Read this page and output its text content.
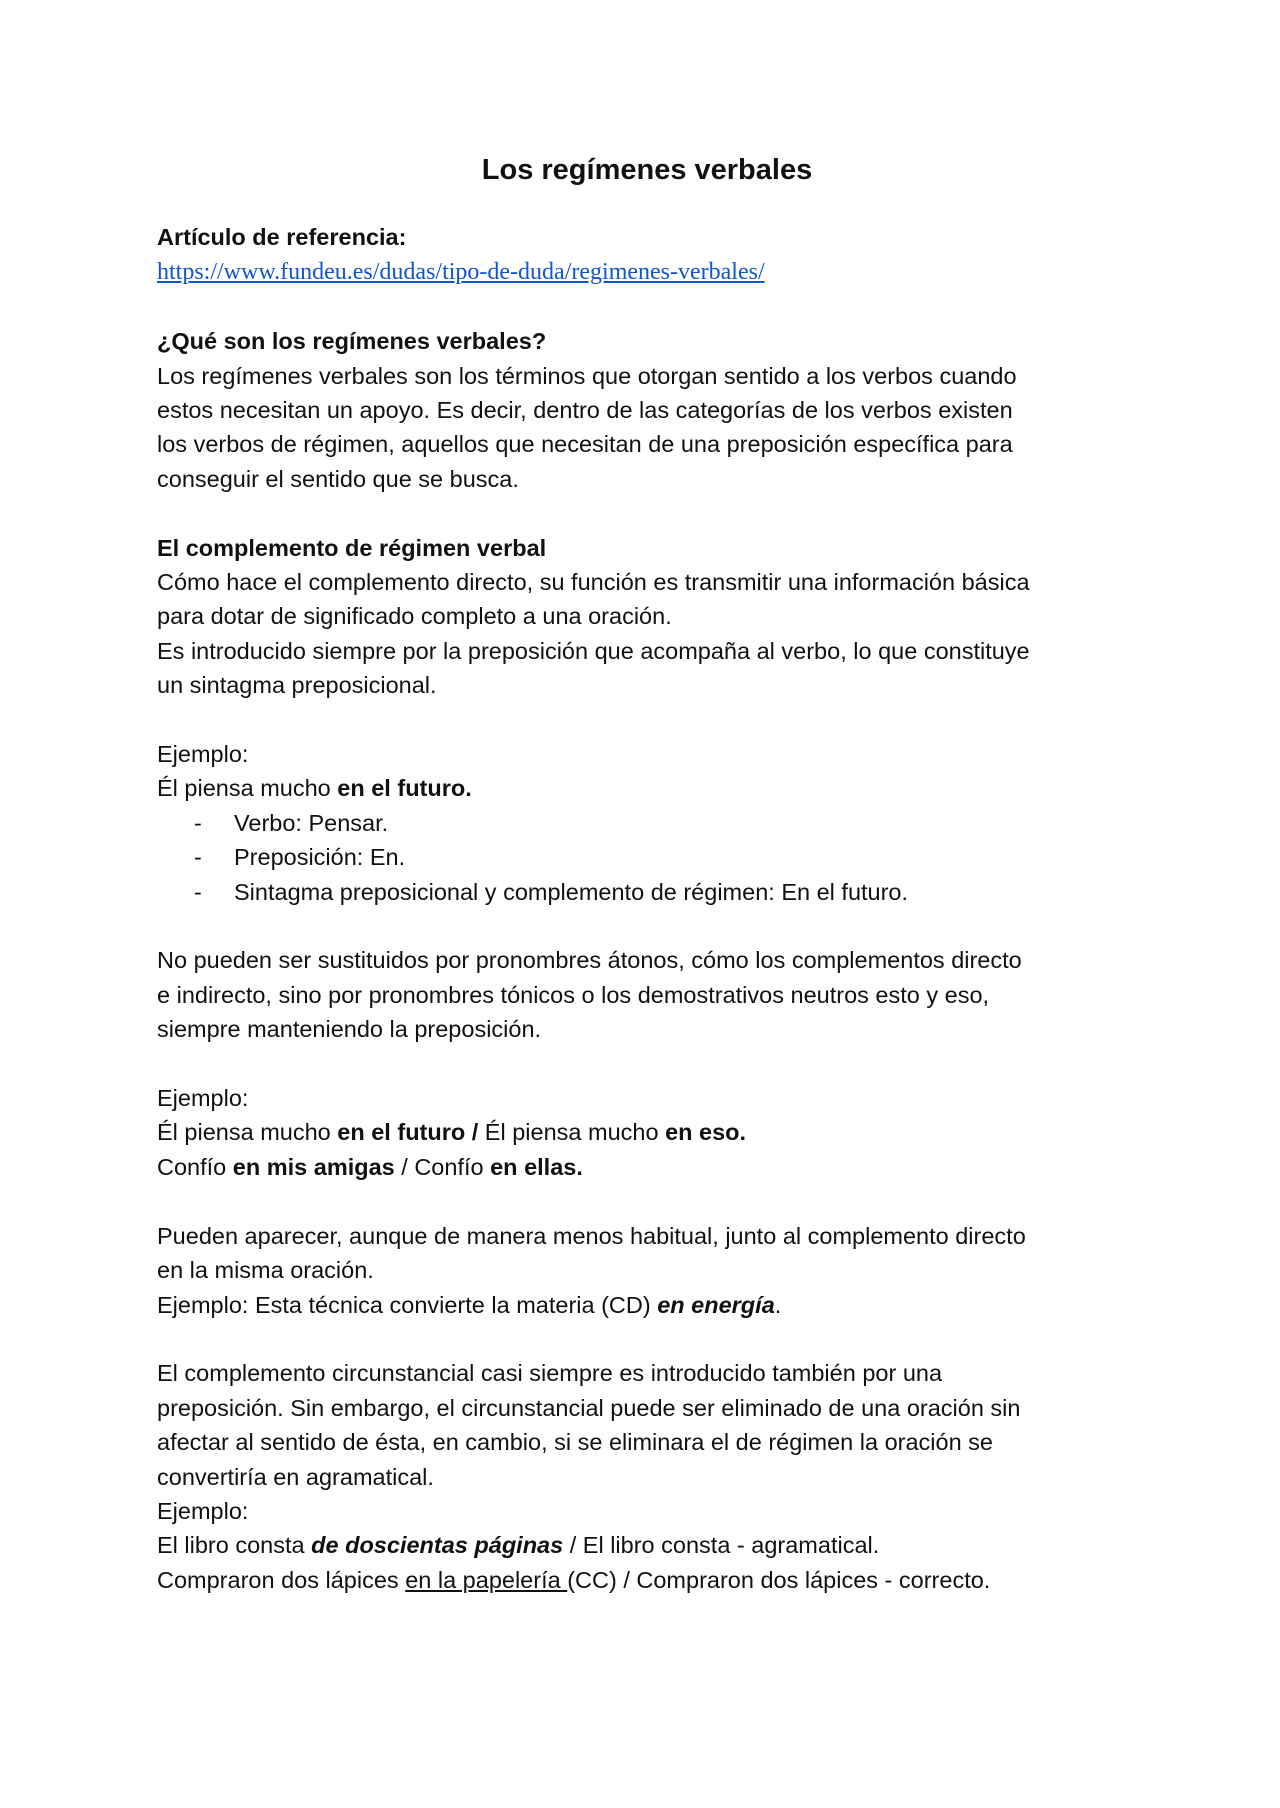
Los regímenes verbales

Artículo de referencia:

https://www.fundeu.es/dudas/tipo-de-duda/regimenes-verbales/

¿Qué son los regímenes verbales?

Los regímenes verbales son los términos que otorgan sentido a los verbos cuando

estos necesitan un apoyo. Es decir, dentro de las categorías de los verbos existen

los verbos de régimen, aquellos que necesitan de una preposición específica para

conseguir el sentido que se busca.

El complemento de régimen verbal

Cómo hace el complemento directo, su función es transmitir una información básica

para dotar de significado completo a una oración.

Es introducido siempre por la preposición que acompaña al verbo, lo que constituye

un sintagma preposicional.

Ejemplo:

Él piensa mucho en el futuro.

- Verbo: Pensar.
- Preposición: En.
- Sintagma preposicional y complemento de régimen: En el futuro.

No pueden ser sustituidos por pronombres átonos, cómo los complementos directo

e indirecto, sino por pronombres tónicos o los demostrativos neutros esto y eso,

siempre manteniendo la preposición.

Ejemplo:

Él piensa mucho en el futuro / Él piensa mucho en eso.

Confío en mis amigas / Confío en ellas.

Pueden aparecer, aunque de manera menos habitual, junto al complemento directo

en la misma oración.

Ejemplo: Esta técnica convierte la materia (CD) en energía.

El complemento circunstancial casi siempre es introducido también por una

preposición. Sin embargo, el circunstancial puede ser eliminado de una oración sin

afectar al sentido de ésta, en cambio, si se eliminara el de régimen la oración se

convertiría en agramatical.

Ejemplo:

El libro consta de doscientas páginas / El libro consta - agramatical.

Compraron dos lápices en la papelería (CC) / Compraron dos lápices - correcto.
